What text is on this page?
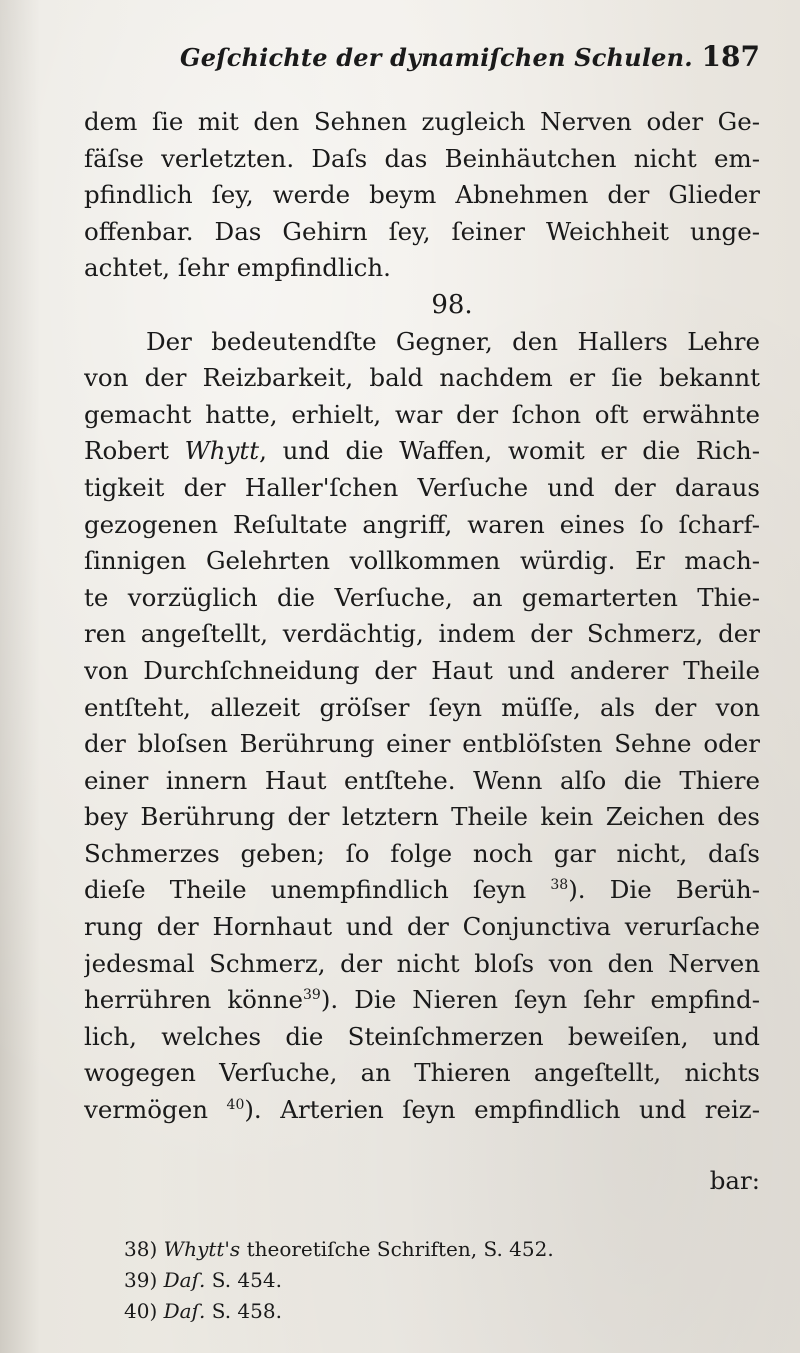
Geſchichte der dynamiſchen Schulen. 187
dem ſie mit den Sehnen zugleich Nerven oder Ge-
fäſse verletzten. Daſs das Beinhäutchen nicht em-
pfindlich ſey, werde beym Abnehmen der Glieder
offenbar. Das Gehirn ſey, ſeiner Weichheit unge-
achtet, ſehr empfindlich.
98.
Der bedeutendſte Gegner, den Hallers Lehre
von der Reizbarkeit, bald nachdem er ſie bekannt
gemacht hatte, erhielt, war der ſchon oft erwähnte
Robert Whytt, und die Waffen, womit er die Rich-
tigkeit der Haller'ſchen Verſuche und der daraus
gezogenen Reſultate angriff, waren eines ſo ſcharf-
ſinnigen Gelehrten vollkommen würdig. Er mach-
te vorzüglich die Verſuche, an gemarterten Thie-
ren angeſtellt, verdächtig, indem der Schmerz, der
von Durchſchneidung der Haut und anderer Theile
entſteht, allezeit gröſser ſeyn müſſe, als der von
der bloſsen Berührung einer entblöſsten Sehne oder
einer innern Haut entſtehe. Wenn alſo die Thiere
bey Berührung der letztern Theile kein Zeichen des
Schmerzes geben; ſo folge noch gar nicht, daſs
dieſe Theile unempfindlich ſeyn $^{38}$). Die Berüh-
rung der Hornhaut und der Conjunctiva verurſache
jedesmal Schmerz, der nicht bloſs von den Nerven
herrühren könne$^{39}$). Die Nieren ſeyn ſehr empfind-
lich, welches die Steinſchmerzen beweiſen, und
wogegen Verſuche, an Thieren angeſtellt, nichts
vermögen $^{40}$). Arterien ſeyn empfindlich und reiz-
bar:
38) Whytt's theoretiſche Schriften, S. 452.
39) Daſ. S. 454.
40) Daſ. S. 458.
